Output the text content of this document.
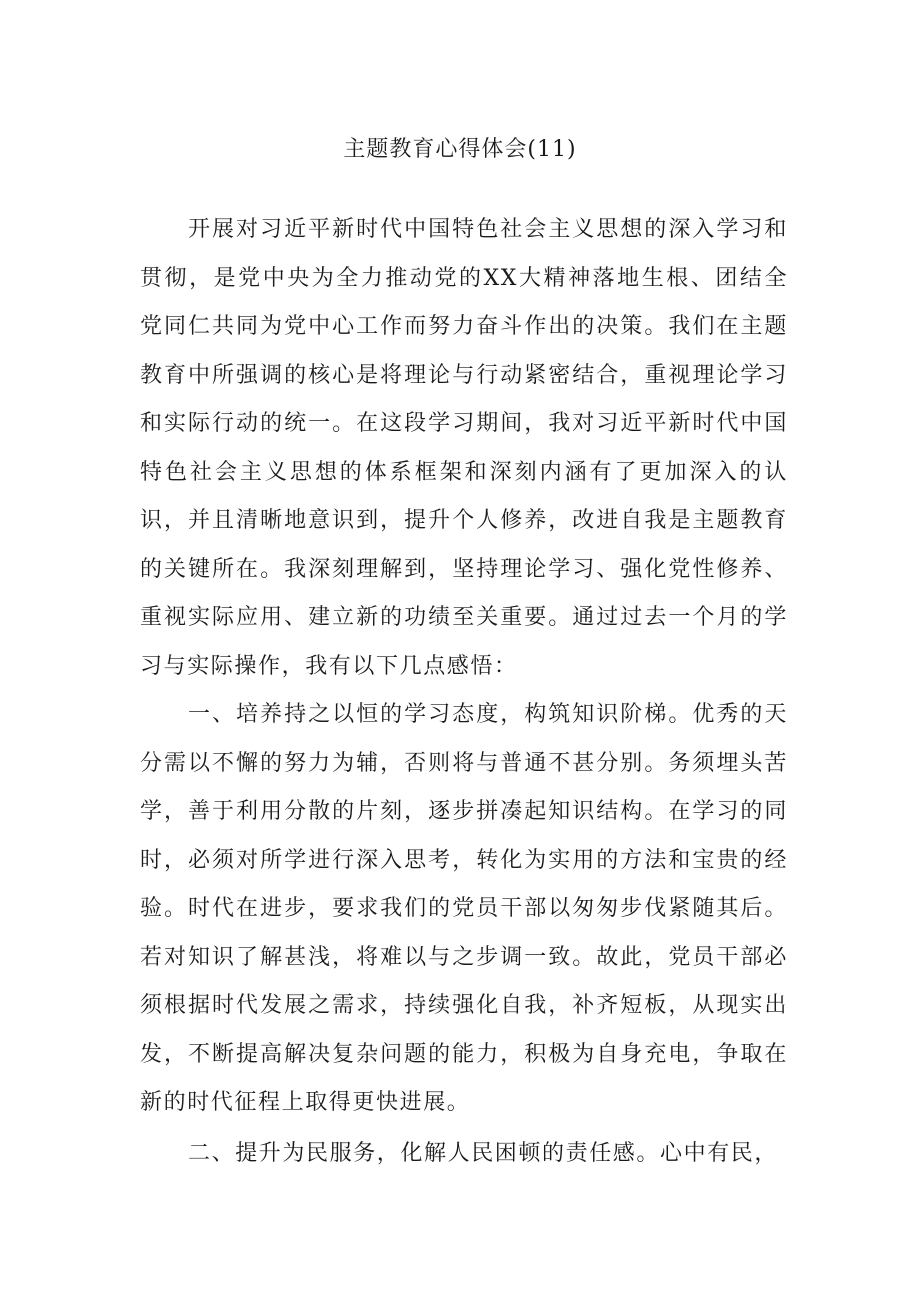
主题教育心得体会(11)

开展对习近平新时代中国特色社会主义思想的深入学习和贯彻，是党中央为全力推动党的XX大精神落地生根、团结全党同仁共同为党中心工作而努力奋斗作出的决策。我们在主题教育中所强调的核心是将理论与行动紧密结合，重视理论学习和实际行动的统一。在这段学习期间，我对习近平新时代中国特色社会主义思想的体系框架和深刻内涵有了更加深入的认识，并且清晰地意识到，提升个人修养，改进自我是主题教育的关键所在。我深刻理解到，坚持理论学习、强化党性修养、重视实际应用、建立新的功绩至关重要。通过过去一个月的学习与实际操作，我有以下几点感悟：

一、培养持之以恒的学习态度，构筑知识阶梯。优秀的天分需以不懈的努力为辅，否则将与普通不甚分别。务须埋头苦学，善于利用分散的片刻，逐步拼凑起知识结构。在学习的同时，必须对所学进行深入思考，转化为实用的方法和宝贵的经验。时代在进步，要求我们的党员干部以匆匆步伐紧随其后。若对知识了解甚浅，将难以与之步调一致。故此，党员干部必须根据时代发展之需求，持续强化自我，补齐短板，从现实出发，不断提高解决复杂问题的能力，积极为自身充电，争取在新的时代征程上取得更快进展。

二、提升为民服务，化解人民困顿的责任感。心中有民，
